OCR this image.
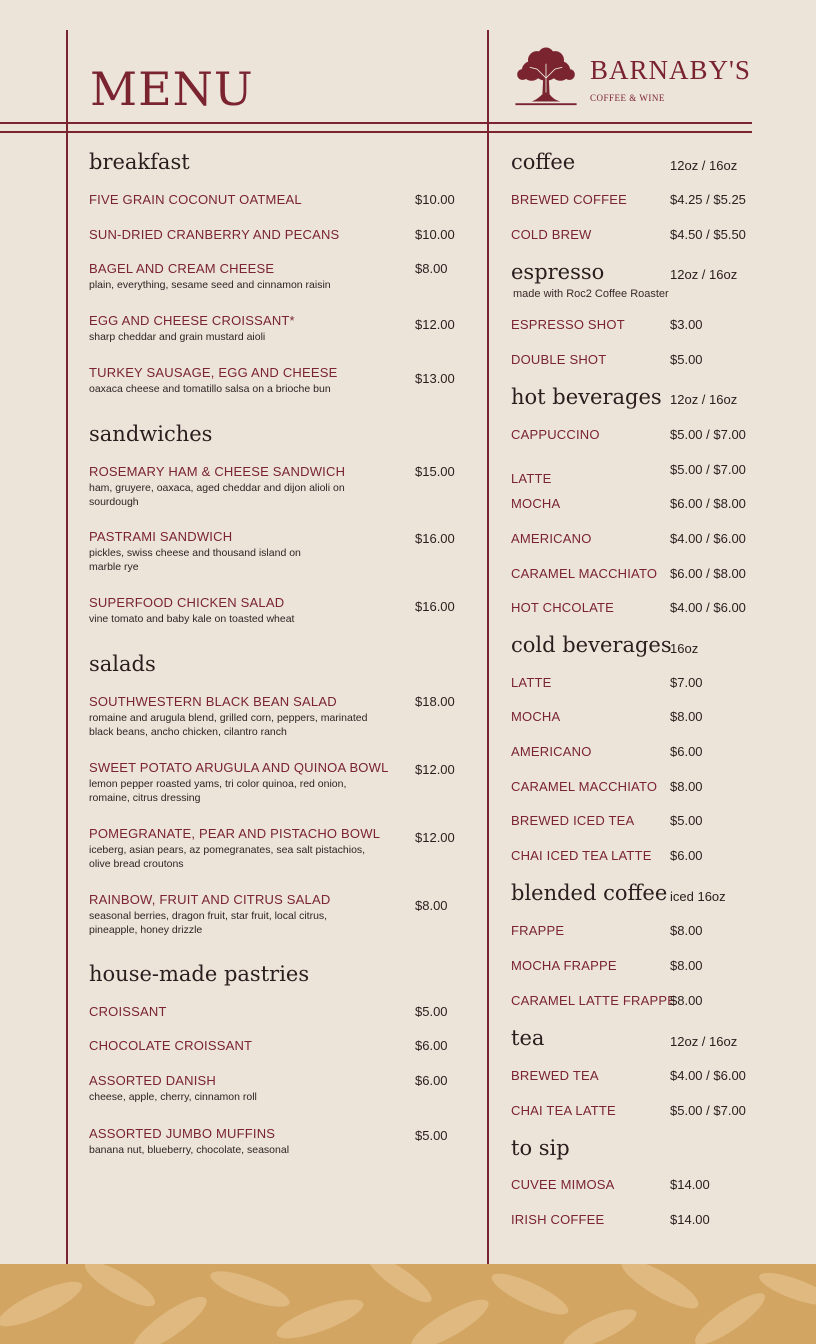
MENU	BARNABY'S
COFFEE & WINE
breakfast
FIVE GRAIN COCONUT OATMEAL	$10.00
SUN-DRIED CRANBERRY AND PECANS	$10.00
BAGEL AND CREAM CHEESE
plain, everything, sesame seed and cinnamon raisin
$8.00
EGG AND CHEESE CROISSANT*
sharp cheddar and grain mustard aioli
$12.00
TURKEY SAUSAGE, EGG AND CHEESE
oaxaca cheese and tomatillo salsa on a brioche bun
$13.00
sandwiches
ROSEMARY HAM & CHEESE SANDWICH
ham, gruyere, oaxaca, aged cheddar and dijon alioli on sourdough
$15.00
PASTRAMI SANDWICH
pickles, swiss cheese and thousand island on marble rye
$16.00
SUPERFOOD CHICKEN SALAD
vine tomato and baby kale on toasted wheat
$16.00
salads
SOUTHWESTERN BLACK BEAN SALAD
romaine and arugula blend, grilled corn, peppers, marinated black beans, ancho chicken, cilantro ranch
$18.00
SWEET POTATO ARUGULA AND QUINOA BOWL
lemon pepper roasted yams, tri color quinoa, red onion, romaine, citrus dressing
$12.00
POMEGRANATE, PEAR AND PISTACHO BOWL
iceberg, asian pears, az pomegranates, sea salt pistachios, olive bread croutons
$12.00
RAINBOW, FRUIT AND CITRUS SALAD
seasonal berries, dragon fruit, star fruit, local citrus, pineapple, honey drizzle
$8.00
house-made pastries
CROISSANT	$5.00
CHOCOLATE CROISSANT	$6.00
ASSORTED DANISH
cheese, apple, cherry, cinnamon roll
$6.00
ASSORTED JUMBO MUFFINS
banana nut, blueberry, chocolate, seasonal
$5.00
coffee	12oz / 16oz
BREWED COFFEE	$4.25 / $5.25
COLD BREW	$4.50 / $5.50
espresso	12oz / 16oz
made with Roc2 Coffee Roaster
ESPRESSO SHOT	$3.00
DOUBLE SHOT	$5.00
hot beverages 12oz / 16oz
CAPPUCCINO	$5.00 / $7.00
LATTE
$5.00 / $7.00
MOCHA	$6.00 / $8.00
AMERICANO	$4.00 / $6.00
CARAMEL MACCHIATO $6.00 / $8.00
HOT CHCOLATE	$4.00 / $6.00
cold beverages
16oz
LATTE	$7.00
MOCHA	$8.00
AMERICANO	$6.00
CARAMEL MACCHIATO $8.00
BREWED ICED TEA	$5.00
CHAI ICED TEA LATTE $6.00
blended coffee iced 16oz
FRAPPE	$8.00
MOCHA FRAPPE	$8.00
CARAMEL LATTE FRAPPE
$8.00
tea	12oz / 16oz
BREWED TEA	$4.00 / $6.00
CHAI TEA LATTE	$5.00 / $7.00
to sip
CUVEE MIMOSA	$14.00
IRISH COFFEE	$14.00
